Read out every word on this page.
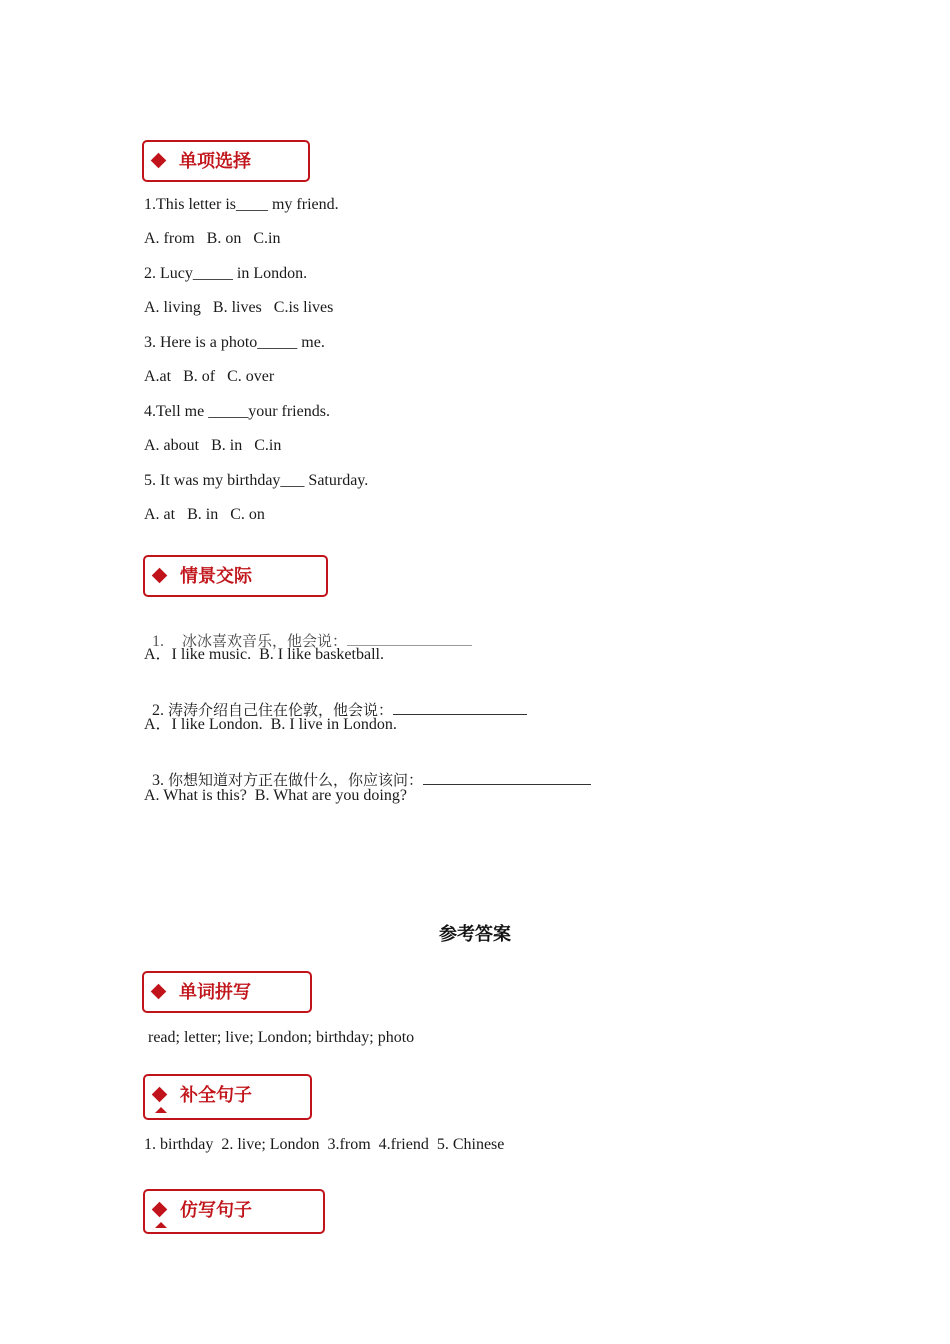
单项选择
1.This letter is____ my friend.
A. from   B. on   C.in
2. Lucy_____ in London.
A. living   B. lives   C.is lives
3. Here is a photo_____ me.
A.at   B. of   C. over
4.Tell me _____your friends.
A. about   B. in   C.in
5. It was my birthday___ Saturday.
A. at   B. in   C. on
情景交际

1. 冰冰喜欢音乐，他会说：

A．I like music.  B. I like basketball.

2. 涛涛介绍自己住在伦敦，他会说：

A．I like London.  B. I live in London.

3. 你想知道对方正在做什么，你应该问：

A. What is this?  B. What are you doing?
参考答案
单词拼写
read; letter; live; London; birthday; photo
补全句子
1. birthday  2. live; London  3.from  4.friend  5. Chinese
仿写句子
